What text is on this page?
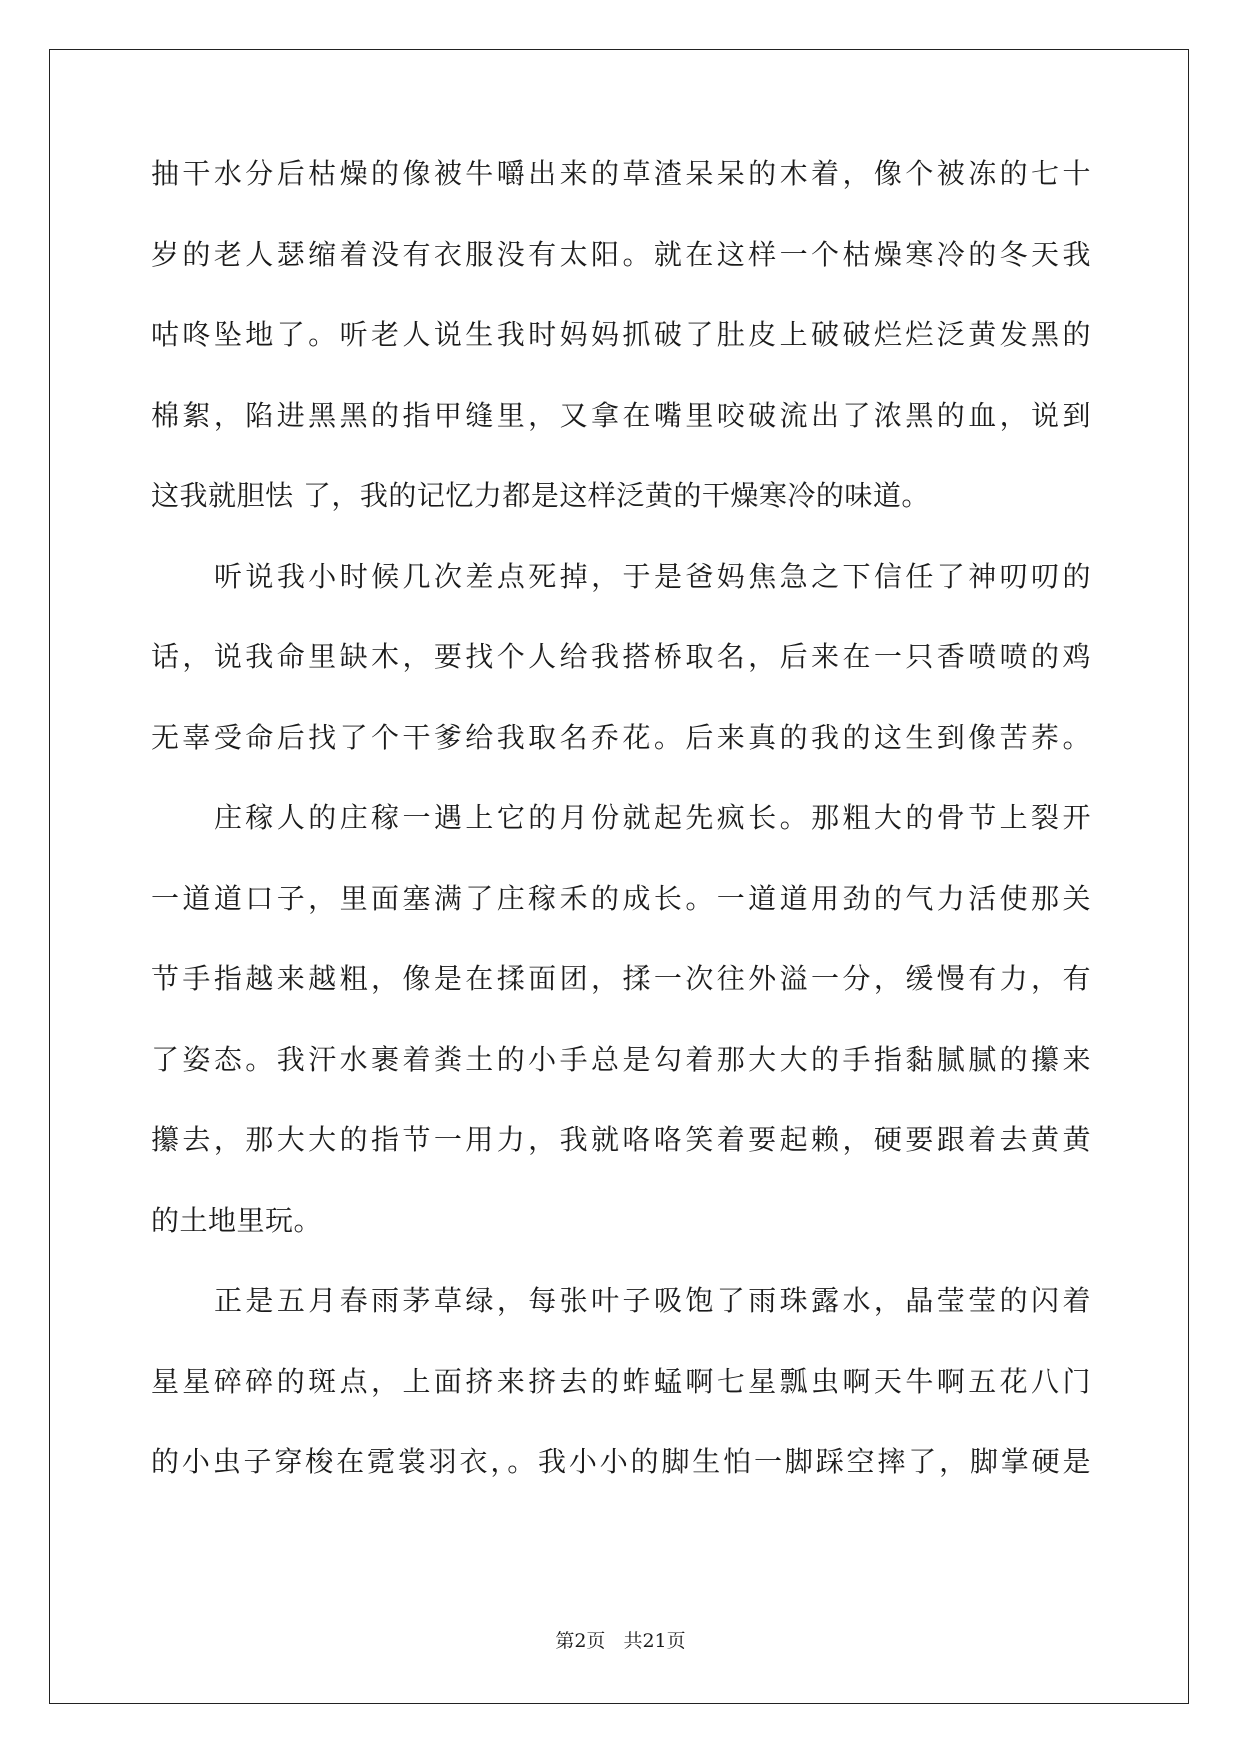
抽干水分后枯燥的像被牛嚼出来的草渣呆呆的木着，像个被冻的七十
岁的老人瑟缩着没有衣服没有太阳。就在这样一个枯燥寒冷的冬天我
咕咚坠地了。听老人说生我时妈妈抓破了肚皮上破破烂烂泛黄发黑的
棉絮，陷进黑黑的指甲缝里，又拿在嘴里咬破流出了浓黑的血，说到
这我就胆怯 了，我的记忆力都是这样泛黄的干燥寒冷的味道。
听说我小时候几次差点死掉，于是爸妈焦急之下信任了神叨叨的
话，说我命里缺木，要找个人给我搭桥取名，后来在一只香喷喷的鸡
无辜受命后找了个干爹给我取名乔花。后来真的我的这生到像苦荞。
庄稼人的庄稼一遇上它的月份就起先疯长。那粗大的骨节上裂开
一道道口子，里面塞满了庄稼禾的成长。一道道用劲的气力活使那关
节手指越来越粗，像是在揉面团，揉一次往外溢一分，缓慢有力，有
了姿态。我汗水裹着粪土的小手总是勾着那大大的手指黏腻腻的攥来
攥去，那大大的指节一用力，我就咯咯笑着要起赖，硬要跟着去黄黄
的土地里玩。
正是五月春雨茅草绿，每张叶子吸饱了雨珠露水，晶莹莹的闪着
星星碎碎的斑点，上面挤来挤去的蚱蜢啊七星瓢虫啊天牛啊五花八门
的小虫子穿梭在霓裳羽衣，。我小小的脚生怕一脚踩空摔了，脚掌硬是
第2页 共21页
